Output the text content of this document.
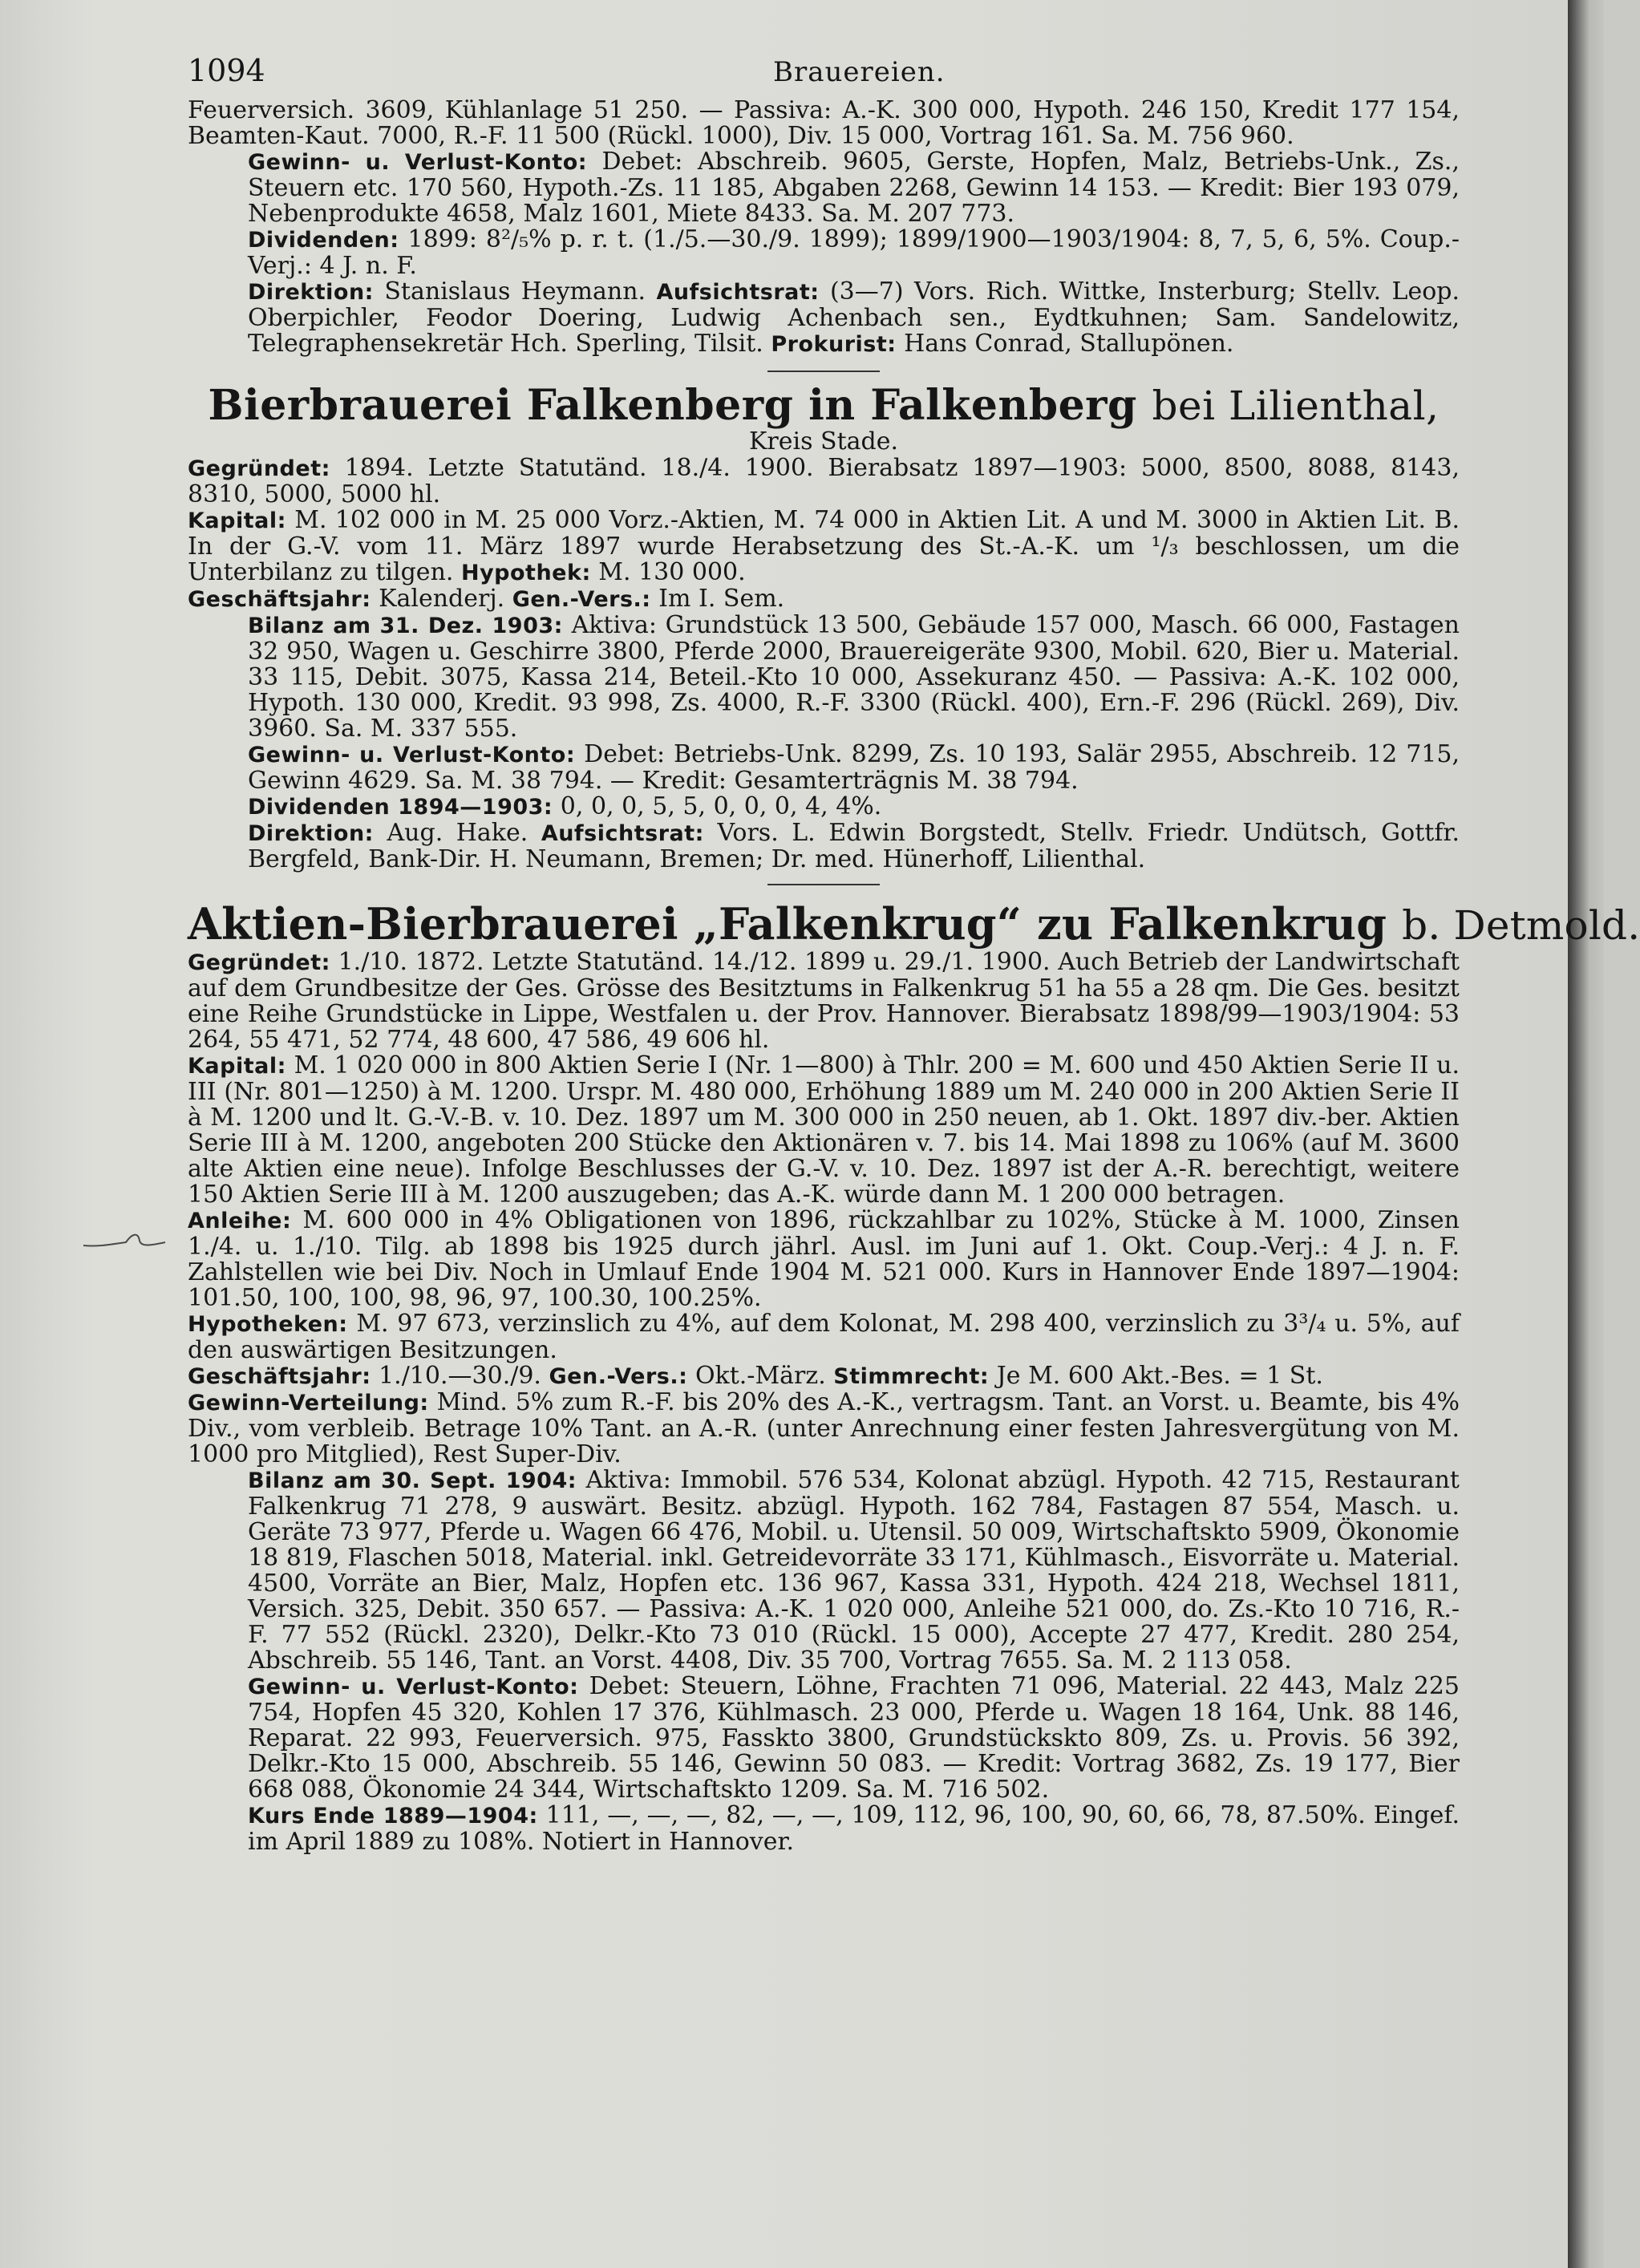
1094	Brauereien.

Feuerversich. 3609, Kühlanlage 51 250. — Passiva: A.-K. 300 000, Hypoth. 246 150, Kredit 177 154, Beamten-Kaut. 7000, R.-F. 11 500 (Rückl. 1000), Div. 15 000, Vortrag 161. Sa. M. 756 960.

Gewinn- u. Verlust-Konto: Debet: Abschreib. 9605, Gerste, Hopfen, Malz, Betriebs-Unk., Zs., Steuern etc. 170 560, Hypoth.-Zs. 11 185, Abgaben 2268, Gewinn 14 153. — Kredit: Bier 193 079, Nebenprodukte 4658, Malz 1601, Miete 8433. Sa. M. 207 773.

Dividenden: 1899: 8²/₅% p. r. t. (1./5.—30./9. 1899); 1899/1900—1903/1904: 8, 7, 5, 6, 5%. Coup.-Verj.: 4 J. n. F.

Direktion: Stanislaus Heymann. Aufsichtsrat: (3—7) Vors. Rich. Wittke, Insterburg; Stellv. Leop. Oberpichler, Feodor Doering, Ludwig Achenbach sen., Eydtkuhnen; Sam. Sandelowitz, Telegraphensekretär Hch. Sperling, Tilsit. Prokurist: Hans Conrad, Stallupönen.

Bierbrauerei Falkenberg in Falkenberg bei Lilienthal,
Kreis Stade.

Gegründet: 1894. Letzte Statutänd. 18./4. 1900. Bierabsatz 1897—1903: 5000, 8500, 8088, 8143, 8310, 5000, 5000 hl.

Kapital: M. 102 000 in M. 25 000 Vorz.-Aktien, M. 74 000 in Aktien Lit. A und M. 3000 in Aktien Lit. B. In der G.-V. vom 11. März 1897 wurde Herabsetzung des St.-A.-K. um ¹/₃ beschlossen, um die Unterbilanz zu tilgen. Hypothek: M. 130 000.

Geschäftsjahr: Kalenderj. Gen.-Vers.: Im I. Sem.

Bilanz am 31. Dez. 1903: Aktiva: Grundstück 13 500, Gebäude 157 000, Masch. 66 000, Fastagen 32 950, Wagen u. Geschirre 3800, Pferde 2000, Brauereigeräte 9300, Mobil. 620, Bier u. Material. 33 115, Debit. 3075, Kassa 214, Beteil.-Kto 10 000, Assekuranz 450. — Passiva: A.-K. 102 000, Hypoth. 130 000, Kredit. 93 998, Zs. 4000, R.-F. 3300 (Rückl. 400), Ern.-F. 296 (Rückl. 269), Div. 3960. Sa. M. 337 555.

Gewinn- u. Verlust-Konto: Debet: Betriebs-Unk. 8299, Zs. 10 193, Salär 2955, Abschreib. 12 715, Gewinn 4629. Sa. M. 38 794. — Kredit: Gesamterträgnis M. 38 794.

Dividenden 1894—1903: 0, 0, 0, 5, 5, 0, 0, 0, 4, 4%.

Direktion: Aug. Hake. Aufsichtsrat: Vors. L. Edwin Borgstedt, Stellv. Friedr. Undütsch, Gottfr. Bergfeld, Bank-Dir. H. Neumann, Bremen; Dr. med. Hünerhoff, Lilienthal.

Aktien-Bierbrauerei „Falkenkrug“ zu Falkenkrug b. Detmold.

Gegründet: 1./10. 1872. Letzte Statutänd. 14./12. 1899 u. 29./1. 1900. Auch Betrieb der Landwirtschaft auf dem Grundbesitze der Ges. Grösse des Besitztums in Falkenkrug 51 ha 55 a 28 qm. Die Ges. besitzt eine Reihe Grundstücke in Lippe, Westfalen u. der Prov. Hannover. Bierabsatz 1898/99—1903/1904: 53 264, 55 471, 52 774, 48 600, 47 586, 49 606 hl.

Kapital: M. 1 020 000 in 800 Aktien Serie I (Nr. 1—800) à Thlr. 200 = M. 600 und 450 Aktien Serie II u. III (Nr. 801—1250) à M. 1200. Urspr. M. 480 000, Erhöhung 1889 um M. 240 000 in 200 Aktien Serie II à M. 1200 und lt. G.-V.-B. v. 10. Dez. 1897 um M. 300 000 in 250 neuen, ab 1. Okt. 1897 div.-ber. Aktien Serie III à M. 1200, angeboten 200 Stücke den Aktionären v. 7. bis 14. Mai 1898 zu 106% (auf M. 3600 alte Aktien eine neue). Infolge Beschlusses der G.-V. v. 10. Dez. 1897 ist der A.-R. berechtigt, weitere 150 Aktien Serie III à M. 1200 auszugeben; das A.-K. würde dann M. 1 200 000 betragen.

Anleihe: M. 600 000 in 4% Obligationen von 1896, rückzahlbar zu 102%, Stücke à M. 1000, Zinsen 1./4. u. 1./10. Tilg. ab 1898 bis 1925 durch jährl. Ausl. im Juni auf 1. Okt. Coup.-Verj.: 4 J. n. F. Zahlstellen wie bei Div. Noch in Umlauf Ende 1904 M. 521 000. Kurs in Hannover Ende 1897—1904: 101.50, 100, 100, 98, 96, 97, 100.30, 100.25%.

Hypotheken: M. 97 673, verzinslich zu 4%, auf dem Kolonat, M. 298 400, verzinslich zu 3³/₄ u. 5%, auf den auswärtigen Besitzungen.

Geschäftsjahr: 1./10.—30./9. Gen.-Vers.: Okt.-März. Stimmrecht: Je M. 600 Akt.-Bes. = 1 St.

Gewinn-Verteilung: Mind. 5% zum R.-F. bis 20% des A.-K., vertragsm. Tant. an Vorst. u. Beamte, bis 4% Div., vom verbleib. Betrage 10% Tant. an A.-R. (unter Anrechnung einer festen Jahresvergütung von M. 1000 pro Mitglied), Rest Super-Div.

Bilanz am 30. Sept. 1904: Aktiva: Immobil. 576 534, Kolonat abzügl. Hypoth. 42 715, Restaurant Falkenkrug 71 278, 9 auswärt. Besitz. abzügl. Hypoth. 162 784, Fastagen 87 554, Masch. u. Geräte 73 977, Pferde u. Wagen 66 476, Mobil. u. Utensil. 50 009, Wirtschaftskto 5909, Ökonomie 18 819, Flaschen 5018, Material. inkl. Getreidevorräte 33 171, Kühlmasch., Eisvorräte u. Material. 4500, Vorräte an Bier, Malz, Hopfen etc. 136 967, Kassa 331, Hypoth. 424 218, Wechsel 1811, Versich. 325, Debit. 350 657. — Passiva: A.-K. 1 020 000, Anleihe 521 000, do. Zs.-Kto 10 716, R.-F. 77 552 (Rückl. 2320), Delkr.-Kto 73 010 (Rückl. 15 000), Accepte 27 477, Kredit. 280 254, Abschreib. 55 146, Tant. an Vorst. 4408, Div. 35 700, Vortrag 7655. Sa. M. 2 113 058.

Gewinn- u. Verlust-Konto: Debet: Steuern, Löhne, Frachten 71 096, Material. 22 443, Malz 225 754, Hopfen 45 320, Kohlen 17 376, Kühlmasch. 23 000, Pferde u. Wagen 18 164, Unk. 88 146, Reparat. 22 993, Feuerversich. 975, Fasskto 3800, Grundstückskto 809, Zs. u. Provis. 56 392, Delkr.-Kto 15 000, Abschreib. 55 146, Gewinn 50 083. — Kredit: Vortrag 3682, Zs. 19 177, Bier 668 088, Ökonomie 24 344, Wirtschaftskto 1209. Sa. M. 716 502.

Kurs Ende 1889—1904: 111, —, —, —, 82, —, —, 109, 112, 96, 100, 90, 60, 66, 78, 87.50%. Eingef. im April 1889 zu 108%. Notiert in Hannover.
